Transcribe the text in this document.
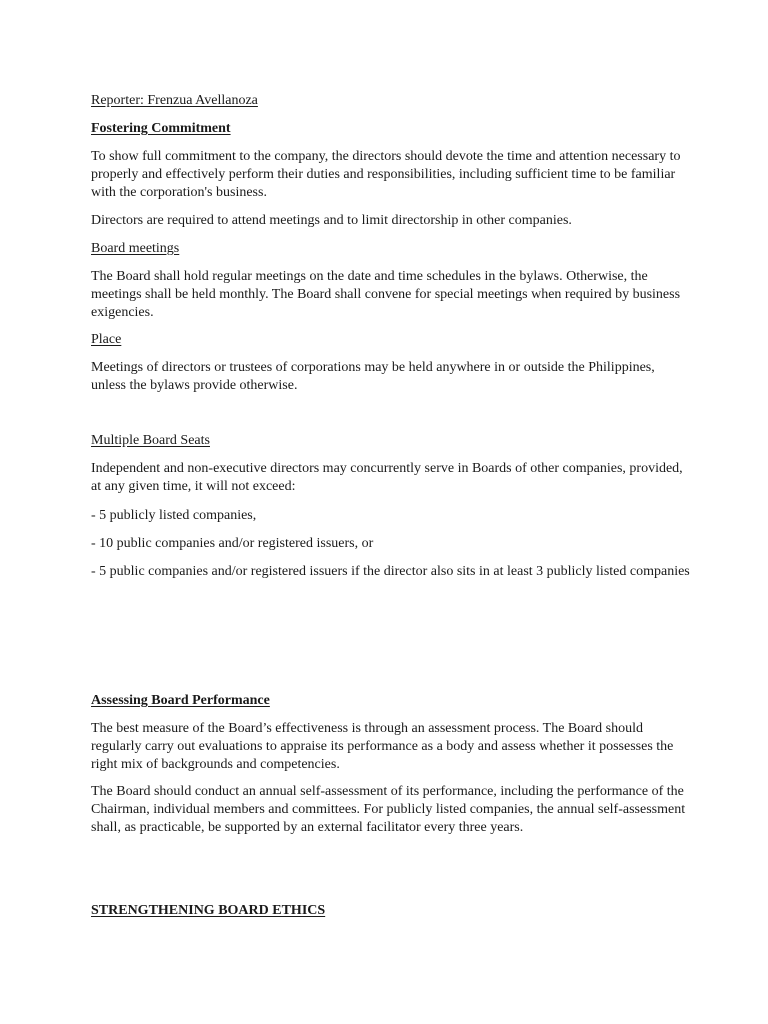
Reporter: Frenzua Avellanoza

Fostering Commitment

To show full commitment to the company, the directors should devote the time and attention necessary to properly and effectively perform their duties and responsibilities, including sufficient time to be familiar with the corporation's business.

Directors are required to attend meetings and to limit directorship in other companies.

Board meetings

The Board shall hold regular meetings on the date and time schedules in the bylaws. Otherwise, the meetings shall be held monthly. The Board shall convene for special meetings when required by business exigencies.

Place

Meetings of directors or trustees of corporations may be held anywhere in or outside the Philippines, unless the bylaws provide otherwise.

Multiple Board Seats

Independent and non-executive directors may concurrently serve in Boards of other companies, provided, at any given time, it will not exceed:

- 5 publicly listed companies,

- 10 public companies and/or registered issuers, or

- 5 public companies and/or registered issuers if the director also sits in at least 3 publicly listed companies

Assessing Board Performance

The best measure of the Board’s effectiveness is through an assessment process. The Board should regularly carry out evaluations to appraise its performance as a body and assess whether it possesses the right mix of backgrounds and competencies.

The Board should conduct an annual self-assessment of its performance, including the performance of the Chairman, individual members and committees. For publicly listed companies, the annual self-assessment shall, as practicable, be supported by an external facilitator every three years.

STRENGTHENING BOARD ETHICS
